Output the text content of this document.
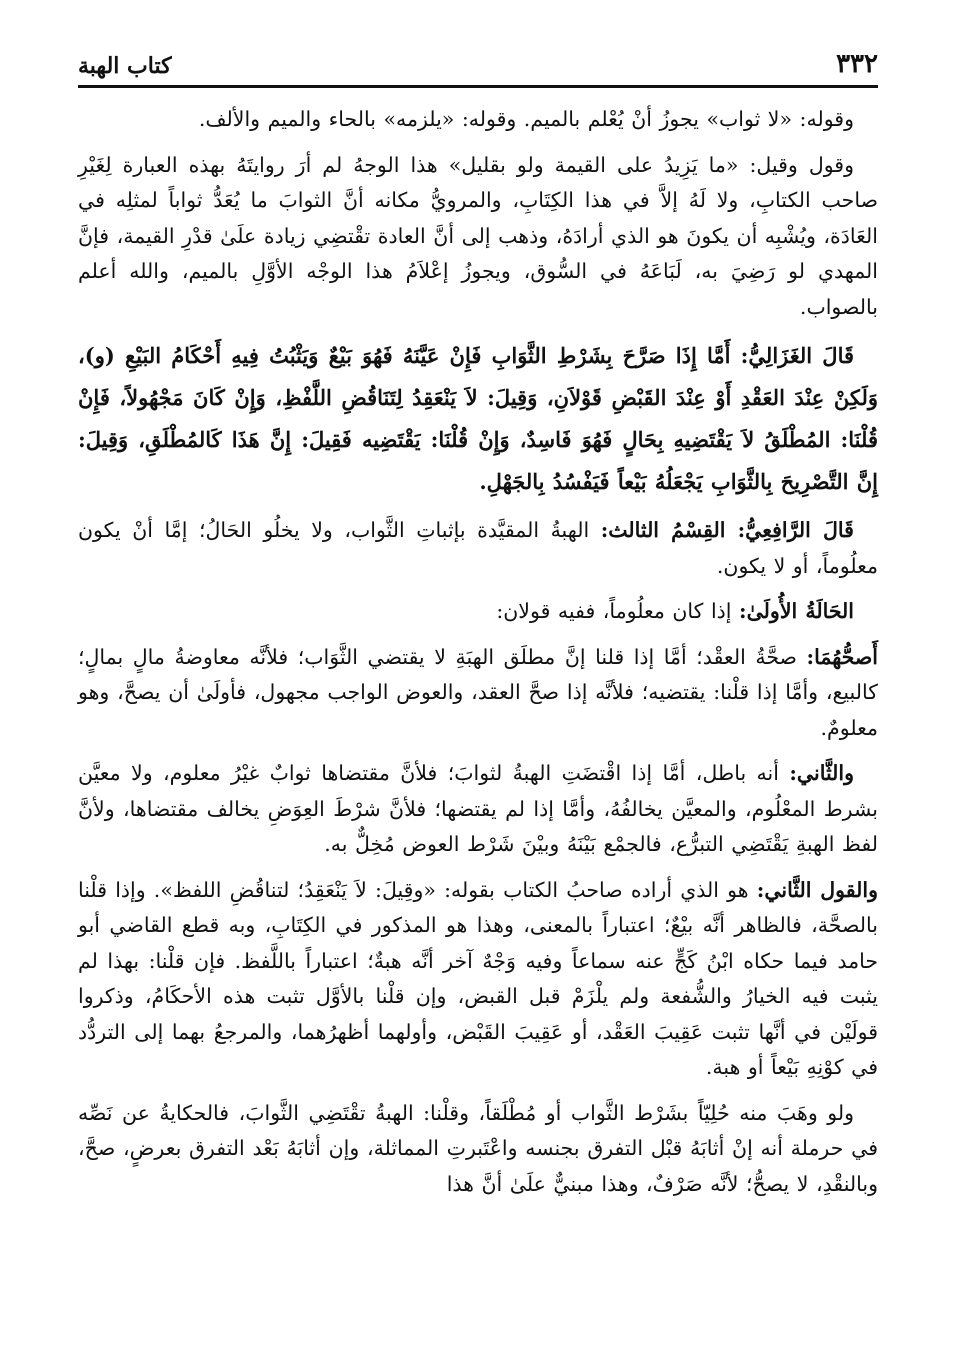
٣٣٢
كتاب الهبة

وقوله: «لا ثواب» يجوزُ أنْ يُعْلم بالميم. وقوله: «يلزمه» بالحاء والميم والألف.

وقول وقيل: «ما يَزِيدُ على القيمة ولو بقليل» هذا الوجهُ لم أرَ روايتَهُ بهذه العبارة لِغَيْرِ صاحب الكتابِ، ولا لَهُ إلاَّ في هذا الكِتَابِ، والمرويُّ مكانه أنَّ الثوابَ ما يُعَدُّ ثواباً لمثلِه في العَادَة، ويُشْبِه أن يكونَ هو الذي أرادَهُ، وذهب إلى أنَّ العادة تقْتضِي زيادة علَىٰ قدْرِ القيمة، فإنَّ المهدي لو رَضِيَ به، لَبَاعَهُ في السُّوق، ويجوزُ إعْلاَمُ هذا الوجْه الأوَّلِ بالميم، والله أعلم بالصواب.

قَالَ الغَزَالِيُّ: أَمَّا إِذَا صَرَّحَ بِشَرْطِ الثَّوَابِ فَإِنْ عَيَّنَهُ فَهُوَ بَيْعٌ وَيَثْبُتُ فِيهِ أَحْكَامُ البَيْعِ (و)، وَلَكِنْ عِنْدَ العَقْدِ أَوْ عِنْدَ القَبْضِ قَوْلاَنِ، وَقِيلَ: لاَ يَنْعَقِدُ لِتَنَاقُضِ اللَّفْظِ، وَإِنْ كَانَ مَجْهُولاً، فَإِنْ قُلْنَا: المُطْلَقُ لاَ يَقْتَضِيهِ بِحَالٍ فَهُوَ فَاسِدٌ، وَإِنْ قُلْنَا: يَقْتَضِيه فَقِيلَ: إِنَّ هَذَا كَالمُطْلَقِ، وَقِيلَ: إِنَّ التَّصْرِيحَ بِالثَّوَابِ يَجْعَلُهُ بَيْعاً فَيَفْسُدُ بِالجَهْلِ.

قَالَ الرَّافِعِيُّ: القِسْمُ الثالث: الهبةُ المقيَّدة بإثباتِ الثَّواب، ولا يخلُو الحَالُ؛ إمَّا أنْ يكون معلُوماً، أو لا يكون.

الحَالَةُ الأُولَىٰ: إذا كان معلُوماً، ففيه قولان:

أَصحُّهُمَا: صحَّةُ العقْد؛ أمَّا إذا قلنا إنَّ مطلَق الهبَةِ لا يقتضي الثَّوَاب؛ فلأنَّه معاوضةُ مالٍ بمالٍ؛ كالبيع، وأمَّا إذا قلْنا: يقتضيه؛ فلأنَّه إذا صحَّ العقد، والعوض الواجب مجهول، فأولَىٰ أن يصحَّ، وهو معلومٌ.

والثَّاني: أنه باطل، أمَّا إذا اقْتضَتِ الهبةُ لثوابَ؛ فلأنَّ مقتضاها ثوابٌ غيْرُ معلوم، ولا معيَّن بشرط المعْلُوم، والمعيَّن يخالفُهُ، وأمَّا إذا لم يقتضها؛ فلأنَّ شرْطَ العِوَضِ يخالف مقتضاها، ولأنَّ لفظ الهبةِ يَقْتَضِي التبرُّع، فالجمْع بَيْنَهُ وبيْنَ شَرْط العوض مُخِلٌّ به.

والقول الثَّاني: هو الذي أراده صاحبُ الكتاب بقوله: «وقِيلَ: لاَ يَنْعَقِدُ؛ لتناقُضِ اللفظ». وإذا قلْنا بالصحَّة، فالظاهر أنَّه بيْعٌ؛ اعتباراً بالمعنى، وهذا هو المذكور في الكِتَابِ، وبه قطع القاضي أبو حامد فيما حكاه ابْنُ كَجٍّ عنه سماعاً وفيه وَجْهٌ آخر أنَّه هبةٌ؛ اعتباراً باللَّفظ. فإن قلْنا: بهذا لم يثبت فيه الخيارُ والشُّفعة ولم يلْزَمْ قبل القبض، وإن قلْنا بالأوَّل تثبت هذه الأحكَامُ، وذكروا قولَيْن في أنَّها تثبت عَقِيبَ العَقْد، أو عَقِيبَ القَبْض، وأولهما أظهرُهما، والمرجعُ بهما إلى التردُّد في كوْنِهِ بَيْعاً أو هبة.

ولو وهَبَ منه حُلِيّاً بشَرْط الثَّواب أو مُطْلَقاً، وقلْنا: الهبةُ تقْتَضِي الثَّوابَ، فالحكايةُ عن نَصِّه في حرملة أنه إنْ أثابَهُ قبْل التفرق بجنسه واعْتَبرتِ المماثلة، وإن أثابَهُ بَعْد التفرق بعرضٍ، صحَّ، وبالنقْدِ، لا يصحُّ؛ لأنَّه صَرْفٌ، وهذا مبنيٌّ علَىٰ أنَّ هذا
